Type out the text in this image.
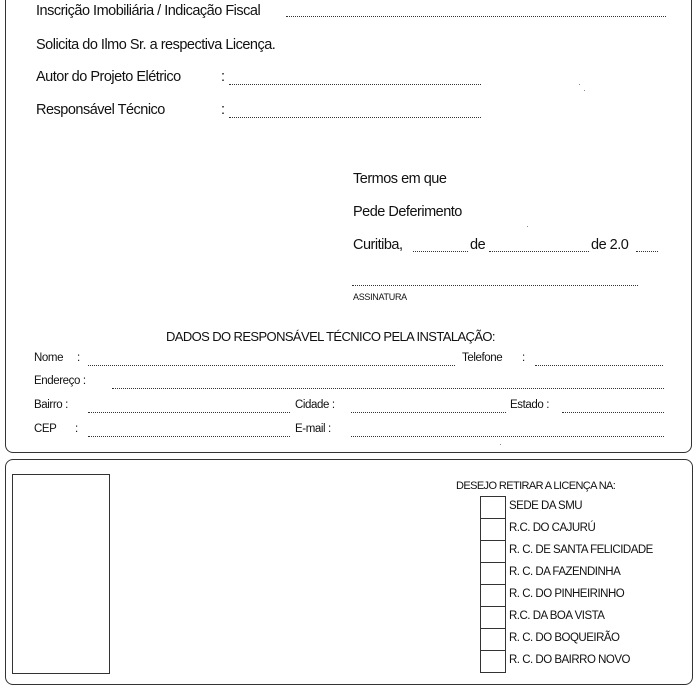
Inscrição Imobiliária / Indicação Fiscal
Solicita do Ilmo Sr. a respectiva Licença.
Autor do Projeto Elétrico	:
Responsável Técnico	:
Termos em que
Pede Deferimento
Curitiba,	de	de 2.0
ASSINATURA
DADOS DO RESPONSÁVEL TÉCNICO PELA INSTALAÇÃO:
Nome :	Telefone :
Endereço :
Bairro :	Cidade :	Estado :
CEP :	E-mail :
DESEJO RETIRAR A LICENÇA NA:
SEDE DA SMU
R.C. DO CAJURÚ
R. C. DE SANTA FELICIDADE
R. C. DA FAZENDINHA
R. C. DO PINHEIRINHO
R.C. DA BOA VISTA
R. C. DO BOQUEIRÃO
R. C. DO BAIRRO NOVO
